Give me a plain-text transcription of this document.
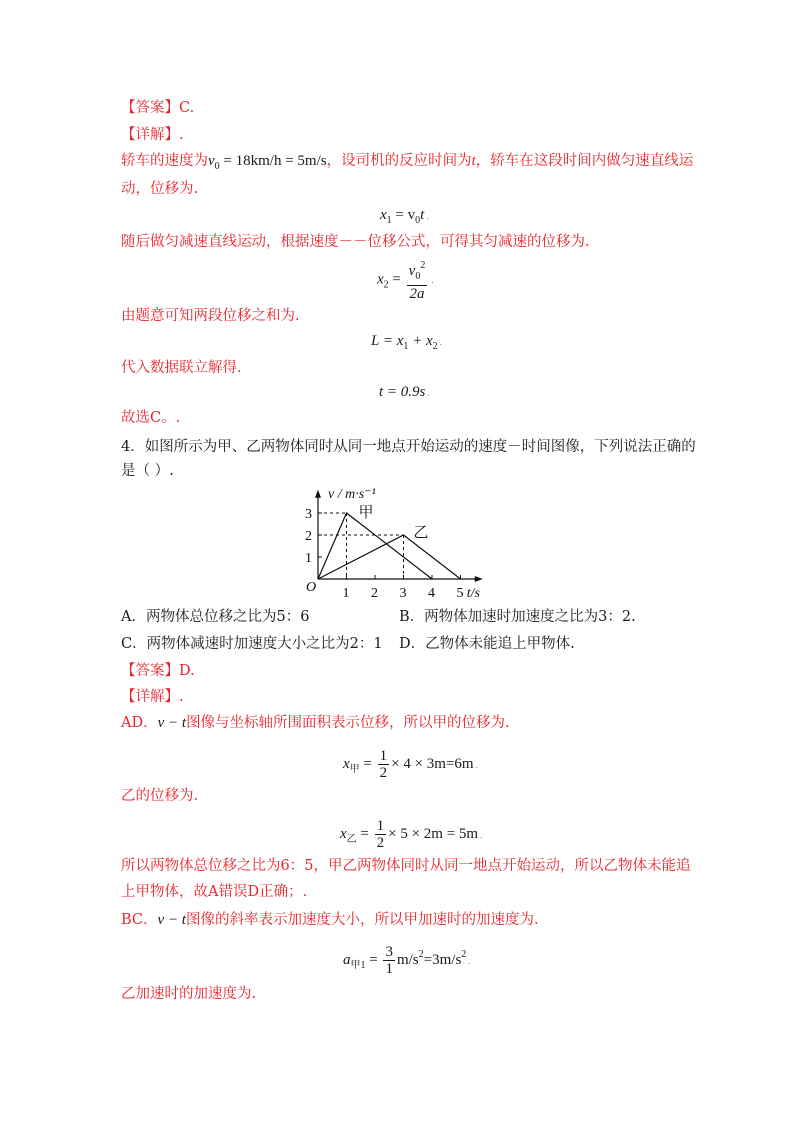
【答案】C.
【详解】.
轿车的速度为$v_0 = 18km/h = 5m/s$，设司机的反应时间为t，轿车在这段时间内做匀速直线运
动，位移为.
$x_1 = v_0t$ .
随后做匀减速直线运动，根据速度－－位移公式，可得其匀减速的位移为.
$x_2 = \frac{v_0^2}{2a}$ .
由题意可知两段位移之和为.
$L = x_1 + x_2$ .
代入数据联立解得.
t = 0.9s .
故选C。.
4．如图所示为甲、乙两物体同时从同一地点开始运动的速度－时间图像，下列说法正确的
是（ ）.
v / m·s⁻¹
t/s
O 1 2 3 4 5
1
2
3	甲
乙
A．两物体总位移之比为5：6	B．两物体加速时加速度之比为3：2.
C．两物体减速时加速度大小之比为2：1 D．乙物体未能追上甲物体.
【答案】D.
【详解】.
AD．v − t图像与坐标轴所围面积表示位移，所以甲的位移为.
$x_甲 = \frac{1}{2} \times 4 \times 3m=6m$ .
乙的位移为.
$x_乙 = \frac{1}{2} \times 5 \times 2m = 5m$ .
所以两物体总位移之比为6：5，甲乙两物体同时从同一地点开始运动，所以乙物体未能追
上甲物体，故A错误D正确；.
BC．v − t图像的斜率表示加速度大小，所以甲加速时的加速度为.
$a_{甲1} = \frac{3}{1} m/s^2=3m/s^2$.
乙加速时的加速度为.
